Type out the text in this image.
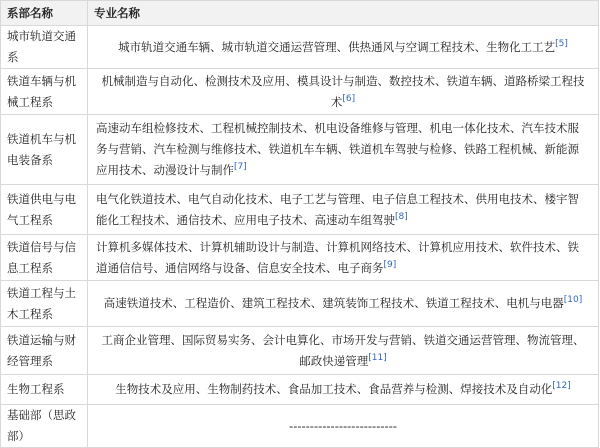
系部名称	专业名称
城市轨道交通系	城市轨道交通车辆、城市轨道交通运营管理、供热通风与空调工程技术、生物化工工艺[5]
铁道车辆与机械工程系	机械制造与自动化、检测技术及应用、模具设计与制造、数控技术、铁道车辆、道路桥梁工程技术[6]
铁道机车与机电装备系	高速动车组检修技术、工程机械控制技术、机电设备维修与管理、机电一体化技术、汽车技术服务与营销、汽车检测与维修技术、铁道机车车辆、铁道机车驾驶与检修、铁路工程机械、新能源应用技术、动漫设计与制作[7]
铁道供电与电气工程系	电气化铁道技术、电气自动化技术、电子工艺与管理、电子信息工程技术、供用电技术、楼宇智能化工程技术、通信技术、应用电子技术、高速动车组驾驶[8]
铁道信号与信息工程系	计算机多媒体技术、计算机辅助设计与制造、计算机网络技术、计算机应用技术、软件技术、铁道通信信号、通信网络与设备、信息安全技术、电子商务[9]
铁道工程与土木工程系	高速铁道技术、工程造价、建筑工程技术、建筑装饰工程技术、铁道工程技术、电机与电器[10]
铁道运输与财经管理系	工商企业管理、国际贸易实务、会计电算化、市场开发与营销、铁道交通运营管理、物流管理、邮政快递管理[11]
生物工程系	生物技术及应用、生物制药技术、食品加工技术、食品营养与检测、焊接技术及自动化[12]
基础部（思政部）	--------------------------
